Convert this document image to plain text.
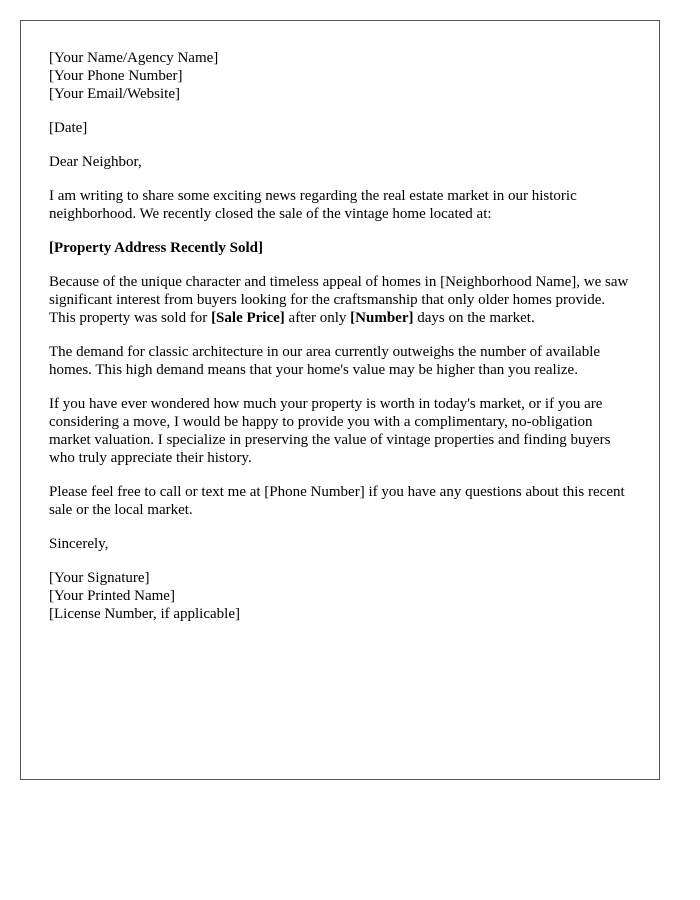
[Your Name/Agency Name]
[Your Phone Number]
[Your Email/Website]

[Date]

Dear Neighbor,

I am writing to share some exciting news regarding the real estate market in our historic neighborhood. We recently closed the sale of the vintage home located at:

[Property Address Recently Sold]

Because of the unique character and timeless appeal of homes in [Neighborhood Name], we saw significant interest from buyers looking for the craftsmanship that only older homes provide. This property was sold for [Sale Price] after only [Number] days on the market.

The demand for classic architecture in our area currently outweighs the number of available homes. This high demand means that your home's value may be higher than you realize.

If you have ever wondered how much your property is worth in today's market, or if you are considering a move, I would be happy to provide you with a complimentary, no-obligation market valuation. I specialize in preserving the value of vintage properties and finding buyers who truly appreciate their history.

Please feel free to call or text me at [Phone Number] if you have any questions about this recent sale or the local market.

Sincerely,

[Your Signature]
[Your Printed Name]
[License Number, if applicable]
